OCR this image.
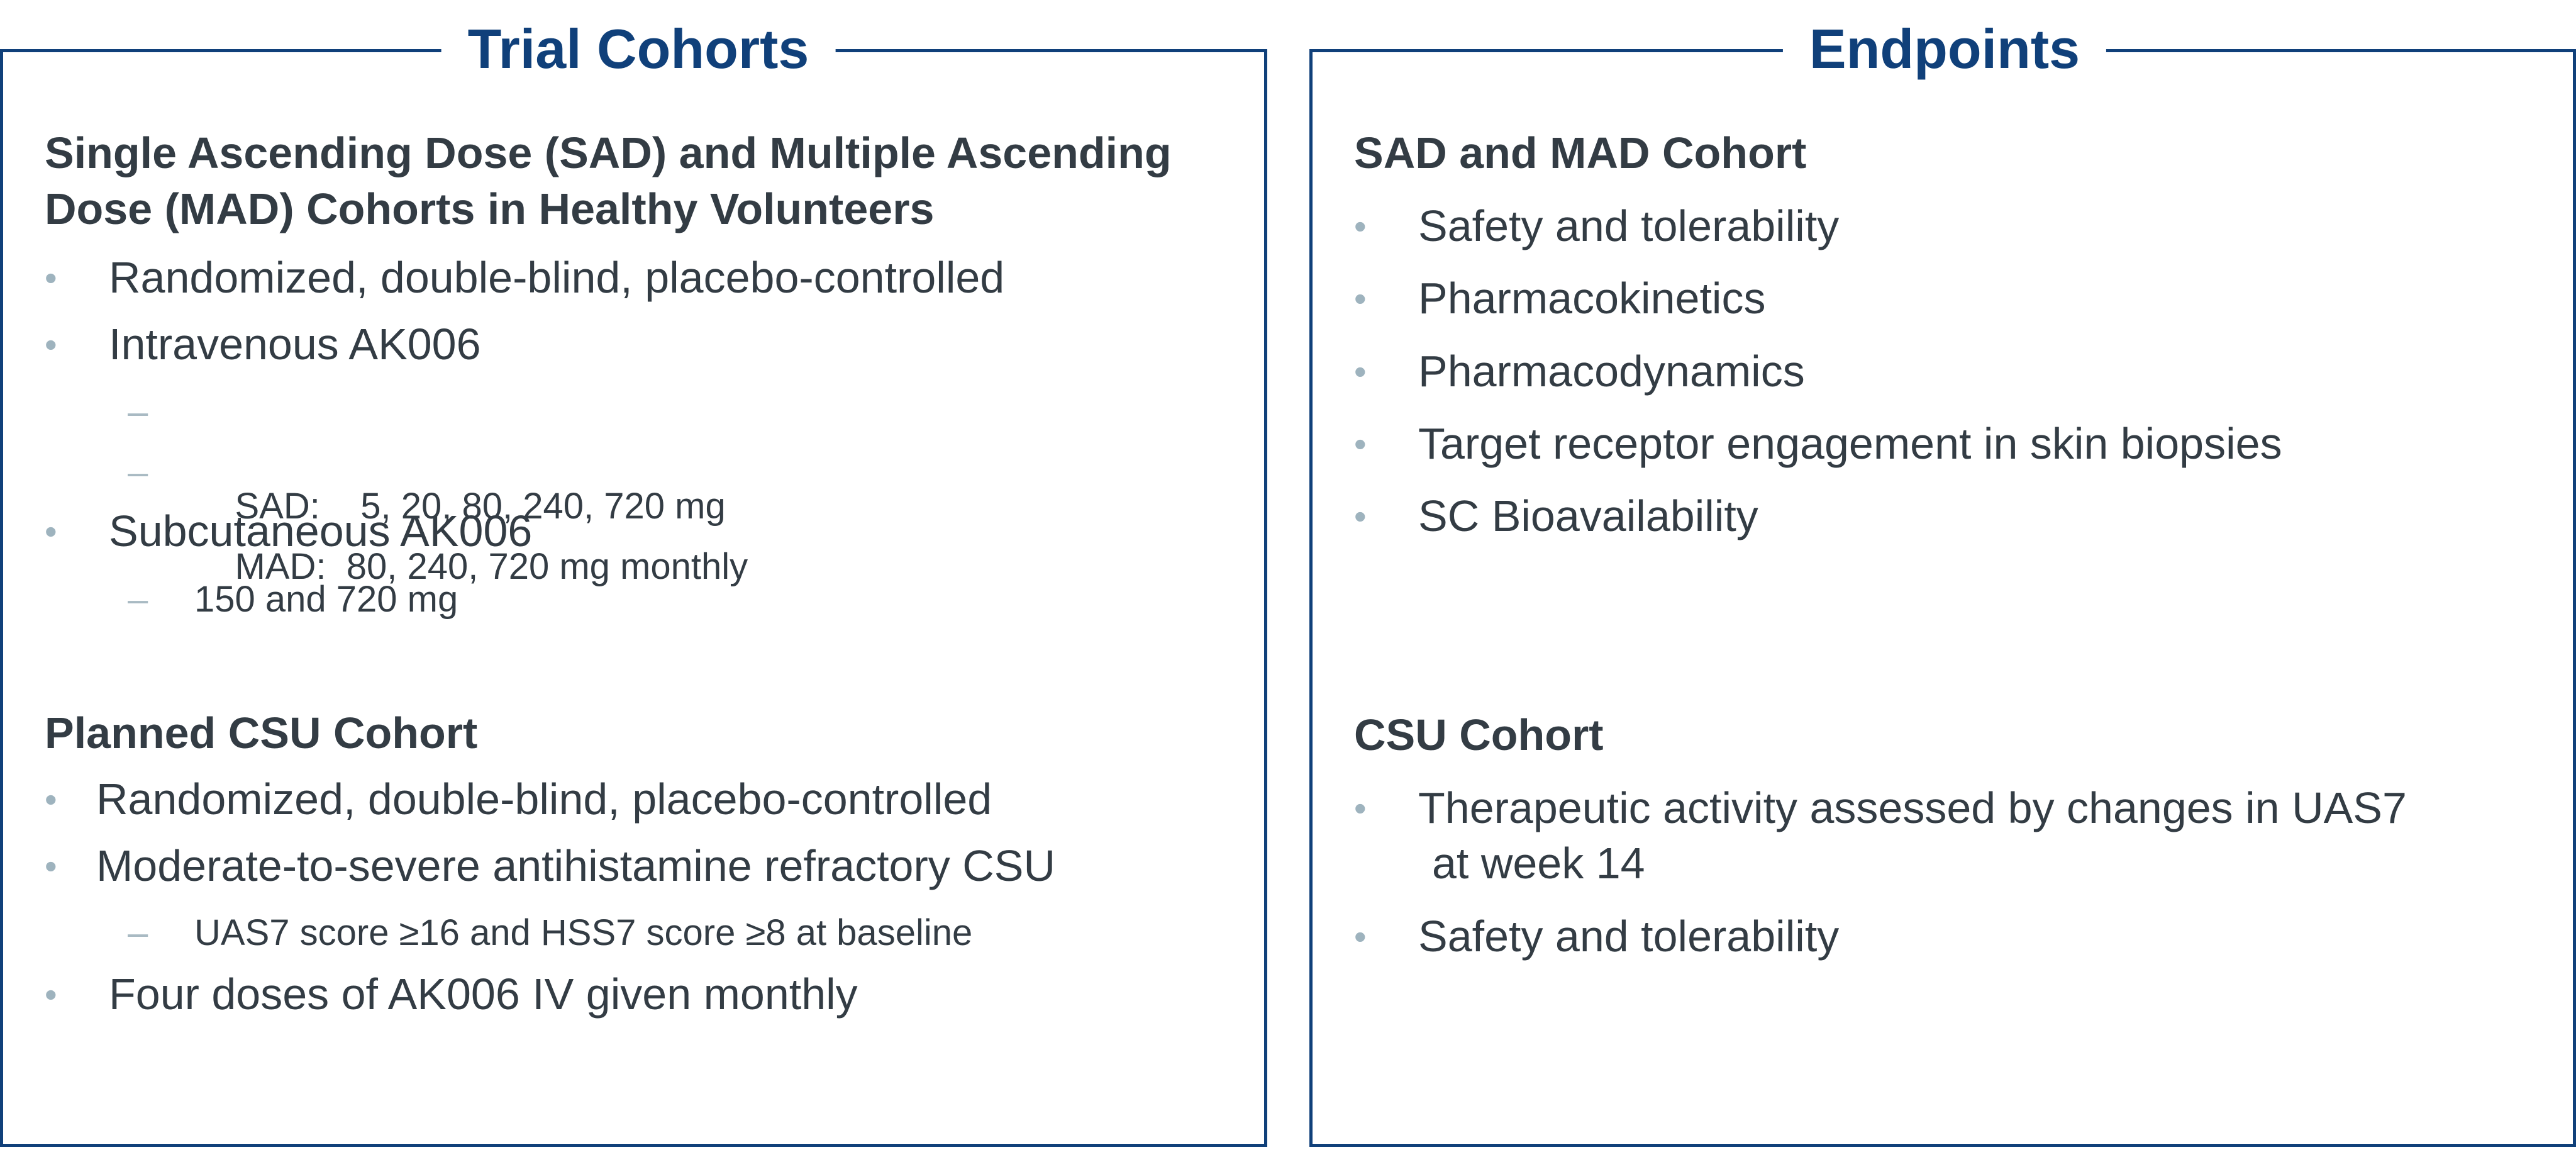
Trial Cohorts
Single Ascending Dose (SAD) and Multiple Ascending
Dose (MAD) Cohorts in Healthy Volunteers
• Randomized, double-blind, placebo-controlled
• Intravenous AK006

–

SAD:    5, 20, 80, 240, 720 mg

–

MAD:  80, 240, 720 mg monthly

• Subcutaneous AK006
– 150 and 720 mg
Planned CSU Cohort
• Randomized, double-blind, placebo-controlled
• Moderate-to-severe antihistamine refractory CSU
– UAS7 score ≥16 and HSS7 score ≥8 at baseline
• Four doses of AK006 IV given monthly
Endpoints
SAD and MAD Cohort
• Safety and tolerability
• Pharmacokinetics
• Pharmacodynamics
• Target receptor engagement in skin biopsies
• SC Bioavailability
CSU Cohort
• Therapeutic activity assessed by changes in UAS7
at week 14
• Safety and tolerability
